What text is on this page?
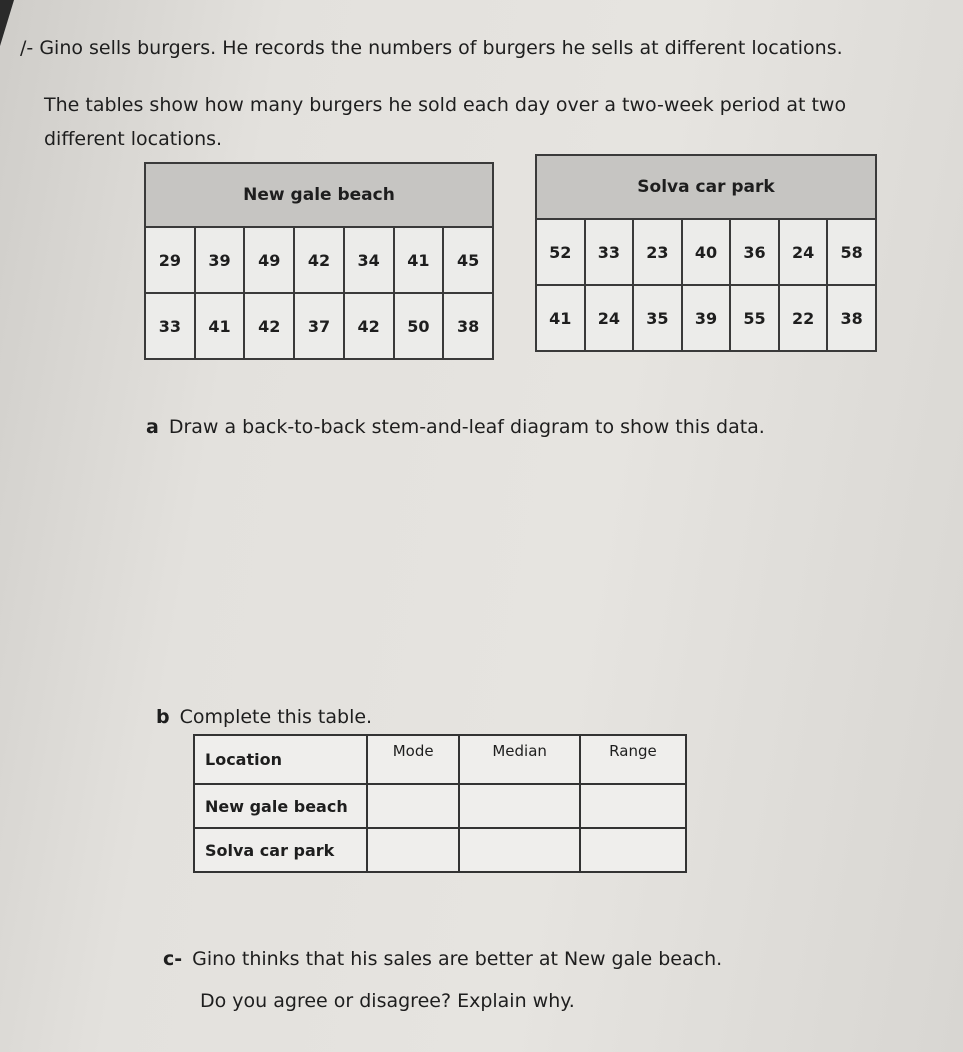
/- Gino sells burgers. He records the numbers of burgers he sells at different locations.
The tables show how many burgers he sold each day over a two-week period at two different locations.
New gale beach						
29	39	49	42	34	41	45
33	41	42	37	42	50	38
Solva car park						
52	33	23	40	36	24	58
41	24	35	39	55	22	38
a Draw a back-to-back stem-and-leaf diagram to show this data.
b Complete this table.
Location	Mode	Median	Range
New gale beach			
Solva car park			
c- Gino thinks that his sales are better at New gale beach.
Do you agree or disagree? Explain why.
